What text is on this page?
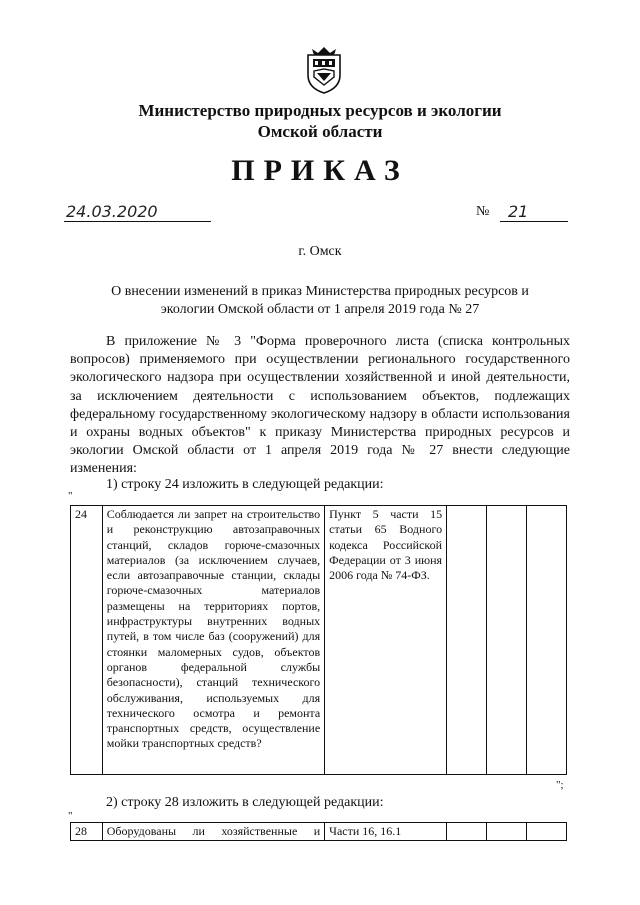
Министерство природных ресурсов и экологии
Омской области
ПРИКАЗ
24.03.2020	№	21
г. Омск
О внесении изменений в приказ Министерства природных ресурсов и
экологии Омской области от 1 апреля 2019 года № 27
В приложение № 3 "Форма проверочного листа (списка контрольных вопросов) применяемого при осуществлении регионального государственного экологического надзора при осуществлении хозяйственной и иной деятельности, за исключением деятельности с использованием объектов, подлежащих федеральному государственному экологическому надзору в области использования и охраны водных объектов" к приказу Министерства природных ресурсов и экологии Омской области от 1 апреля 2019 года № 27 внести следующие изменения:
1) строку 24 изложить в следующей редакции:
"
24	Соблюдается ли запрет на строительство и реконструкцию автозаправочных станций, складов горюче-смазочных материалов (за исключением случаев, если автозаправочные станции, склады горюче-смазочных материалов размещены на территориях портов, инфраструктуры внутренних водных путей, в том числе баз (сооружений) для стоянки маломерных судов, объектов органов федеральной службы безопасности), станций технического обслуживания, используемых для технического осмотра и ремонта транспортных средств, осуществление мойки транспортных средств?	Пункт 5 части 15 статьи 65 Водного кодекса Российской Федерации от 3 июня 2006 года № 74-ФЗ.			
";
2) строку 28 изложить в следующей редакции:
"
28	Оборудованы ли хозяйственные и	Части 16, 16.1			
